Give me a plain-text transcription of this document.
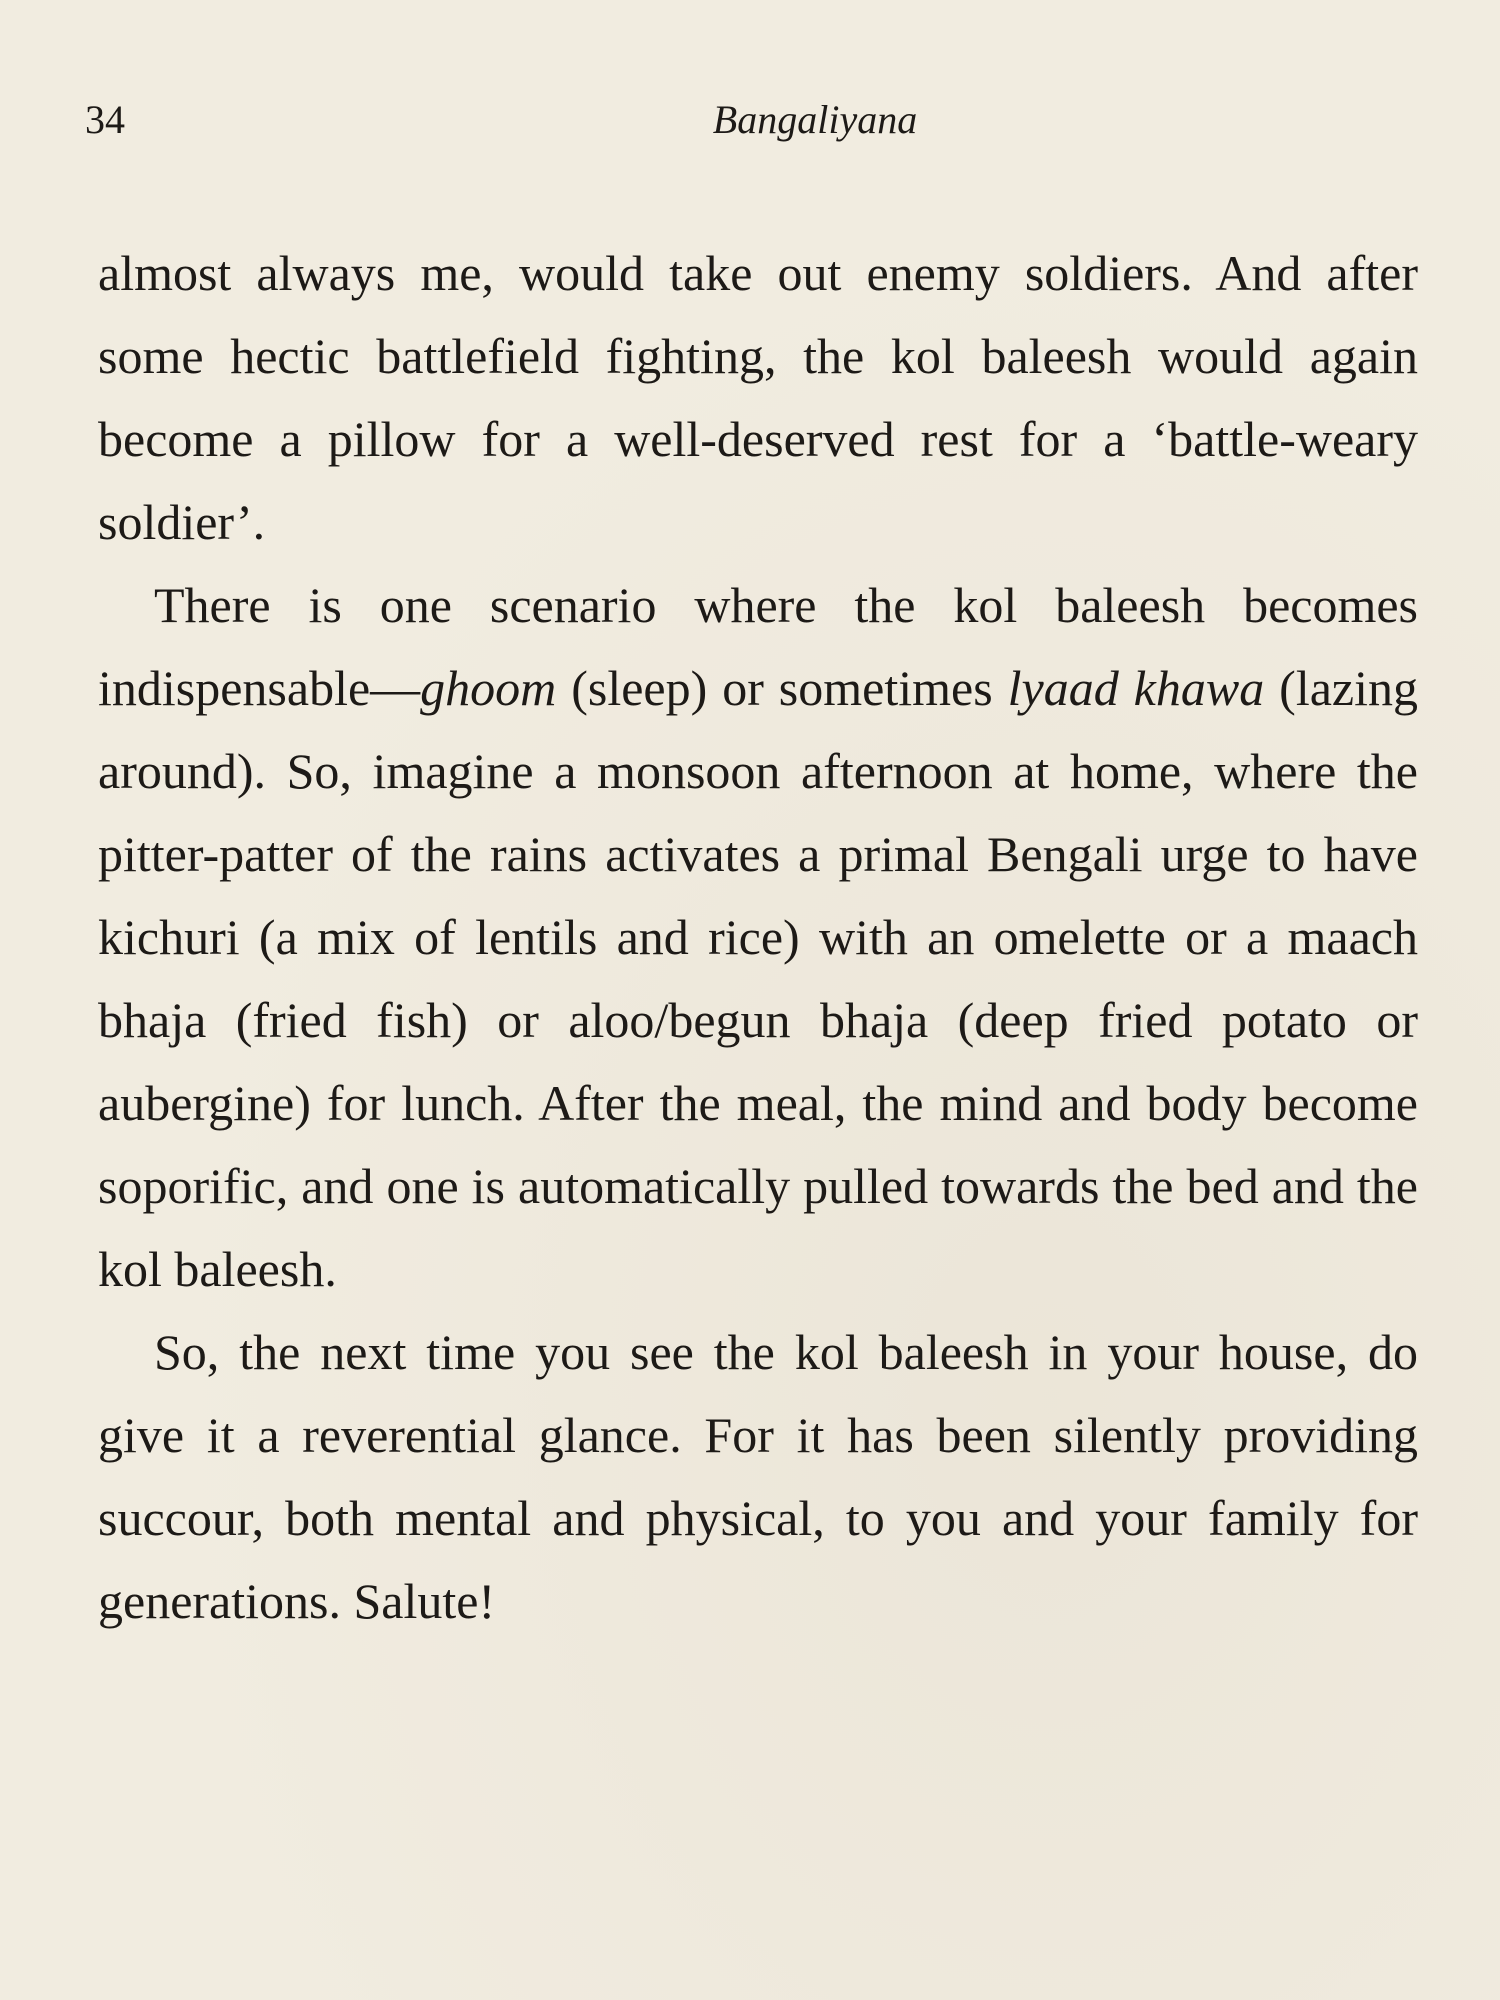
34	Bangaliyana

almost always me, would take out enemy soldiers. And after some hectic battlefield fighting, the kol baleesh would again become a pillow for a well-deserved rest for a ‘battle-weary soldier’.

There is one scenario where the kol baleesh becomes indispensable—ghoom (sleep) or sometimes lyaad khawa (lazing around). So, imagine a monsoon afternoon at home, where the pitter-patter of the rains activates a primal Bengali urge to have kichuri (a mix of lentils and rice) with an omelette or a maach bhaja (fried fish) or aloo/begun bhaja (deep fried potato or aubergine) for lunch. After the meal, the mind and body become soporific, and one is automatically pulled towards the bed and the kol baleesh.

So, the next time you see the kol baleesh in your house, do give it a reverential glance. For it has been silently providing succour, both mental and physical, to you and your family for generations. Salute!
